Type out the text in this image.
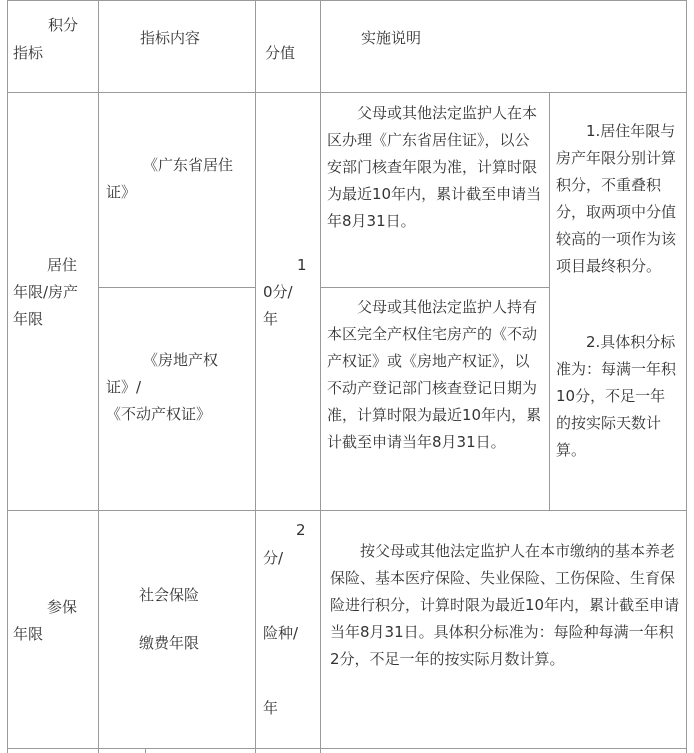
积分
指标
指标内容
分值
实施说明
居住
年限/房产
年限
《广东省居住
证》
《房地产权
证》/
《不动产权证》
1
0分/
年
父母或其他法定监护人在本区办理《广东省居住证》，以公安部门核查年限为准，计算时限为最近10年内，累计截至申请当年8月31日。
父母或其他法定监护人持有本区完全产权住宅房产的《不动产权证》或《房地产权证》，以不动产登记部门核查登记日期为准，计算时限为最近10年内，累计截至申请当年8月31日。
1.居住年限与房产年限分别计算积分，不重叠积分，取两项中分值较高的一项作为该项目最终积分。
2.具体积分标准为：每满一年积10分，不足一年的按实际天数计算。
参保
年限
社会保险
缴费年限
2
分/
险种/
年
按父母或其他法定监护人在本市缴纳的基本养老保险、基本医疗保险、失业保险、工伤保险、生育保险进行积分，计算时限为最近10年内，累计截至申请当年8月31日。具体积分标准为：每险种每满一年积2分，不足一年的按实际月数计算。
